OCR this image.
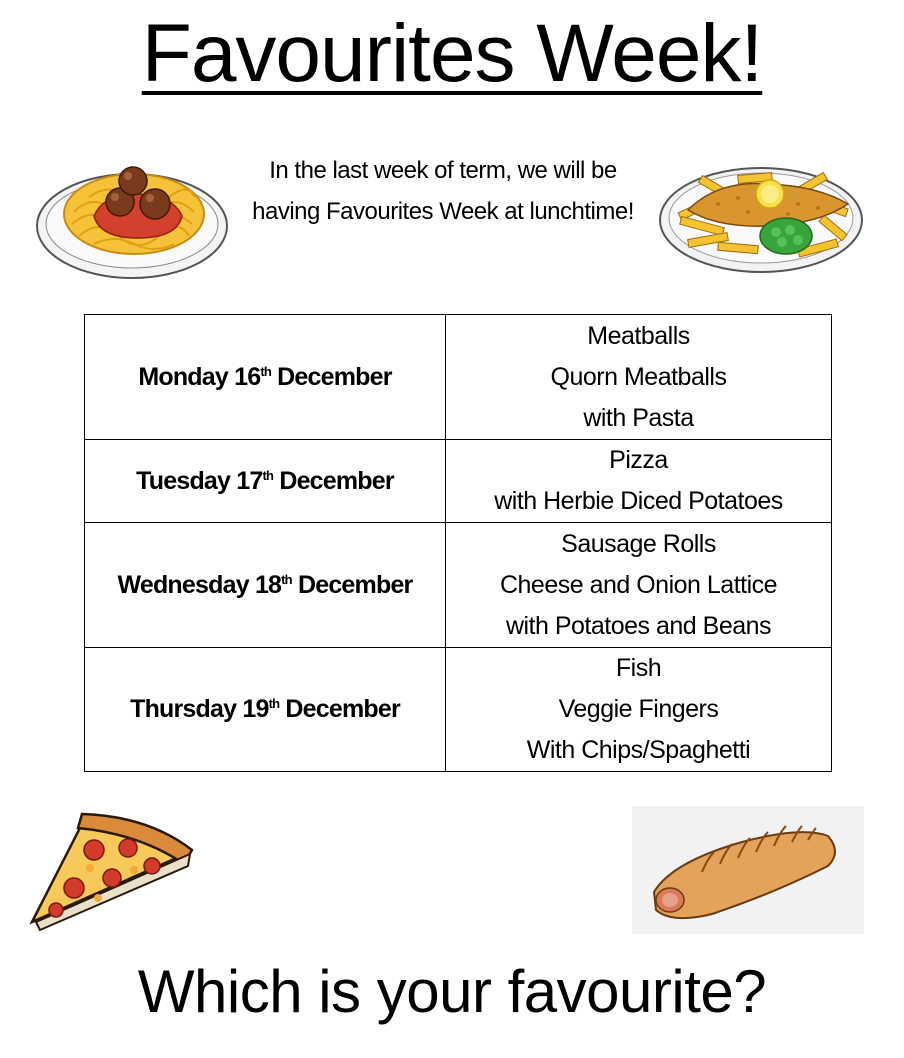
Favourites Week!
In the last week of term, we will be having Favourites Week at lunchtime!
Monday 16th December	Meatballs
Quorn Meatballs
with Pasta

Tuesday 17th December	Pizza
with Herbie Diced Potatoes

Wednesday 18th December	Sausage Rolls
Cheese and Onion Lattice
with Potatoes and Beans

Thursday 19th December	Fish
Veggie Fingers
With Chips/Spaghetti
Which is your favourite?
